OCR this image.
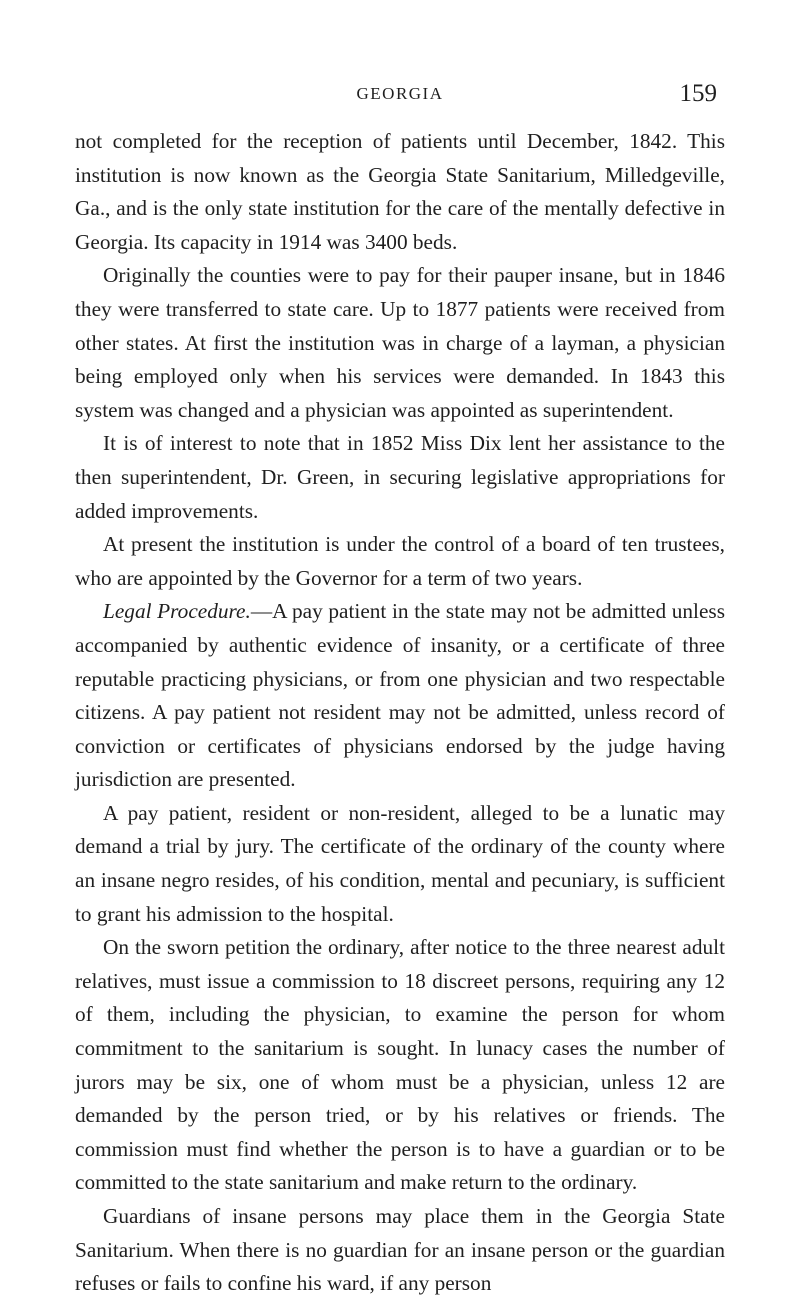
GEORGIA	159

not completed for the reception of patients until December, 1842. This institution is now known as the Georgia State Sanitarium, Milledgeville, Ga., and is the only state institution for the care of the mentally defective in Georgia. Its capacity in 1914 was 3400 beds.

Originally the counties were to pay for their pauper insane, but in 1846 they were transferred to state care. Up to 1877 patients were received from other states. At first the institution was in charge of a layman, a physician being employed only when his services were demanded. In 1843 this system was changed and a physician was appointed as superintendent.

It is of interest to note that in 1852 Miss Dix lent her assistance to the then superintendent, Dr. Green, in securing legislative appropriations for added improvements.

At present the institution is under the control of a board of ten trustees, who are appointed by the Governor for a term of two years.

Legal Procedure.—A pay patient in the state may not be admitted unless accompanied by authentic evidence of insanity, or a certificate of three reputable practicing physicians, or from one physician and two respectable citizens. A pay patient not resident may not be admitted, unless record of conviction or certificates of physicians endorsed by the judge having jurisdiction are presented.

A pay patient, resident or non-resident, alleged to be a lunatic may demand a trial by jury. The certificate of the ordinary of the county where an insane negro resides, of his condition, mental and pecuniary, is sufficient to grant his admission to the hospital.

On the sworn petition the ordinary, after notice to the three nearest adult relatives, must issue a commission to 18 discreet persons, requiring any 12 of them, including the physician, to examine the person for whom commitment to the sanitarium is sought. In lunacy cases the number of jurors may be six, one of whom must be a physician, unless 12 are demanded by the person tried, or by his relatives or friends. The commission must find whether the person is to have a guardian or to be committed to the state sanitarium and make return to the ordinary.

Guardians of insane persons may place them in the Georgia State Sanitarium. When there is no guardian for an insane person or the guardian refuses or fails to confine his ward, if any person
